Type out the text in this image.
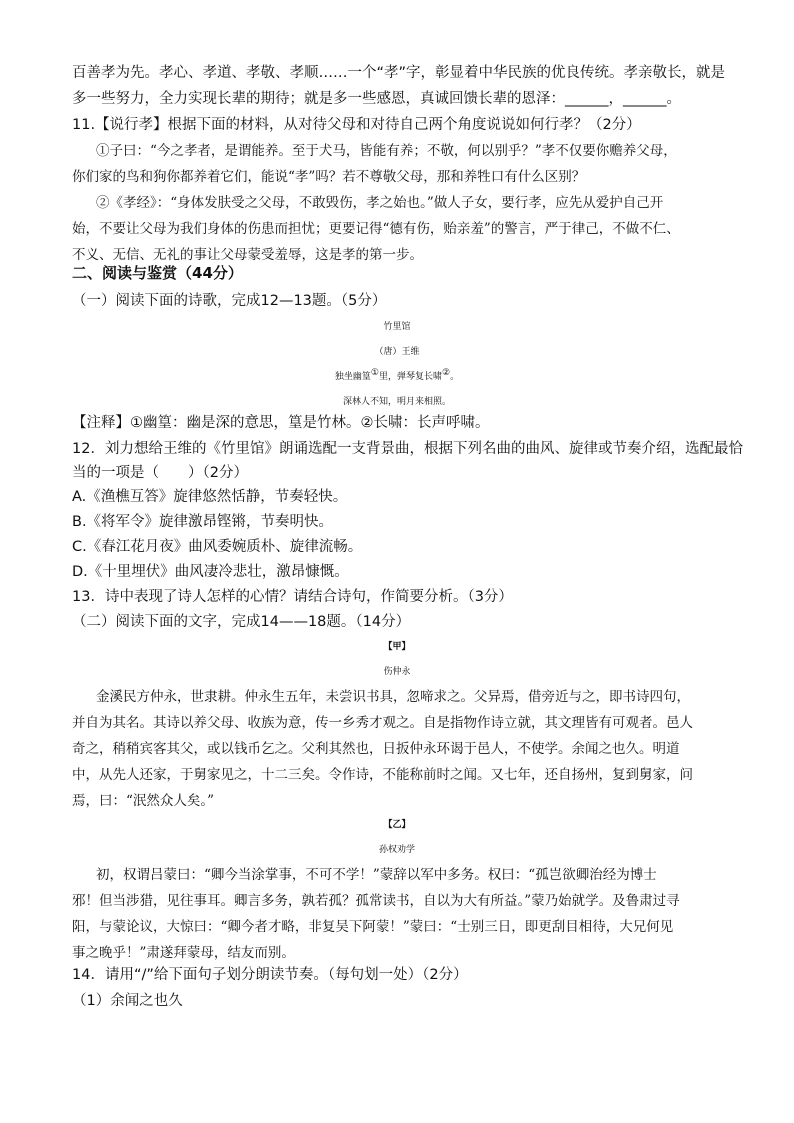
百善孝为先。孝心、孝道、孝敬、孝顺……一个“孝”字，彰显着中华民族的优良传统。孝亲敬长，就是
多一些努力，全力实现长辈的期待；就是多一些感恩，真诚回馈长辈的恩泽：______，______。
11.【说行孝】根据下面的材料，从对待父母和对待自己两个角度说说如何行孝？（2分）
①子曰：“今之孝者，是谓能养。至于犬马，皆能有养；不敬，何以别乎？”孝不仅要你赡养父母，
你们家的鸟和狗你都养着它们，能说“孝”吗？若不尊敬父母，那和养牲口有什么区别？
②《孝经》：“身体发肤受之父母，不敢毁伤，孝之始也。”做人子女，要行孝，应先从爱护自己开
始，不要让父母为我们身体的伤患而担忧；更要记得“德有伤，贻亲羞”的警言，严于律己，不做不仁、
不义、无信、无礼的事让父母蒙受羞辱，这是孝的第一步。
二、阅读与鉴赏（44分）
（一）阅读下面的诗歌，完成12—13题。（5分）
竹里馆
（唐）王维
独坐幽篁①里，弹琴复长啸②。
深林人不知，明月来相照。
【注释】①幽篁：幽是深的意思，篁是竹林。②长啸：长声呼啸。
12．刘力想给王维的《竹里馆》朗诵选配一支背景曲，根据下列名曲的曲风、旋律或节奏介绍，选配最恰
当的一项是（　　）（2分）
A.《渔樵互答》旋律悠然恬静，节奏轻快。
B.《将军令》旋律激昂铿锵，节奏明快。
C.《春江花月夜》曲风委婉质朴、旋律流畅。
D.《十里埋伏》曲风凄冷悲壮，激昂慷慨。
13．诗中表现了诗人怎样的心情？请结合诗句，作简要分析。（3分）
（二）阅读下面的文字，完成14——18题。（14分）
【甲】
伤仲永
金溪民方仲永，世隶耕。仲永生五年，未尝识书具，忽啼求之。父异焉，借旁近与之，即书诗四句，
并自为其名。其诗以养父母、收族为意，传一乡秀才观之。自是指物作诗立就，其文理皆有可观者。邑人
奇之，稍稍宾客其父，或以钱币乞之。父利其然也，日扳仲永环谒于邑人，不使学。余闻之也久。明道
中，从先人还家，于舅家见之，十二三矣。令作诗，不能称前时之闻。又七年，还自扬州，复到舅家，问
焉，曰：“泯然众人矣。”
【乙】
孙权劝学
初，权谓吕蒙曰：“卿今当涂掌事，不可不学！”蒙辞以军中多务。权曰：“孤岂欲卿治经为博士
邪！但当涉猎，见往事耳。卿言多务，孰若孤？孤常读书，自以为大有所益。”蒙乃始就学。及鲁肃过寻
阳，与蒙论议，大惊曰：“卿今者才略，非复吴下阿蒙！”蒙曰：“士别三日，即更刮目相待，大兄何见
事之晚乎！”肃遂拜蒙母，结友而别。
14．请用“/”给下面句子划分朗读节奏。（每句划一处）（2分）
（1）余闻之也久
